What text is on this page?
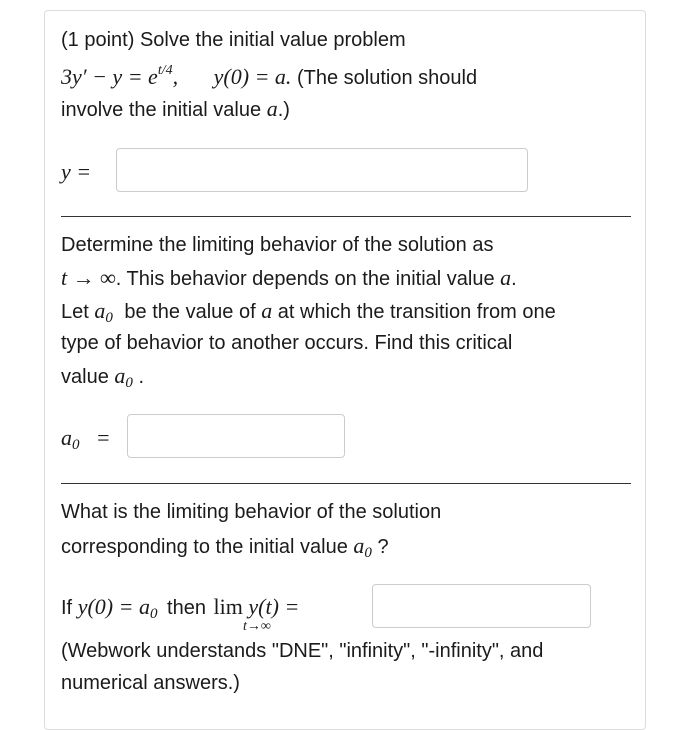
(1 point) Solve the initial value problem
$3y' - y = e^{t/4}$, y(0) = a. (The solution should
involve the initial value a.)
y =
Determine the limiting behavior of the solution as
t → ∞. This behavior depends on the initial value a.
Let a0 be the value of a at which the transition from one
type of behavior to another occurs. Find this critical
value a0 .
a0 =
What is the limiting behavior of the solution
corresponding to the initial value a0 ?
If y(0) = a0 then lim y(t) =
t→∞
(Webwork understands "DNE", "infinity", "-infinity", and
numerical answers.)
